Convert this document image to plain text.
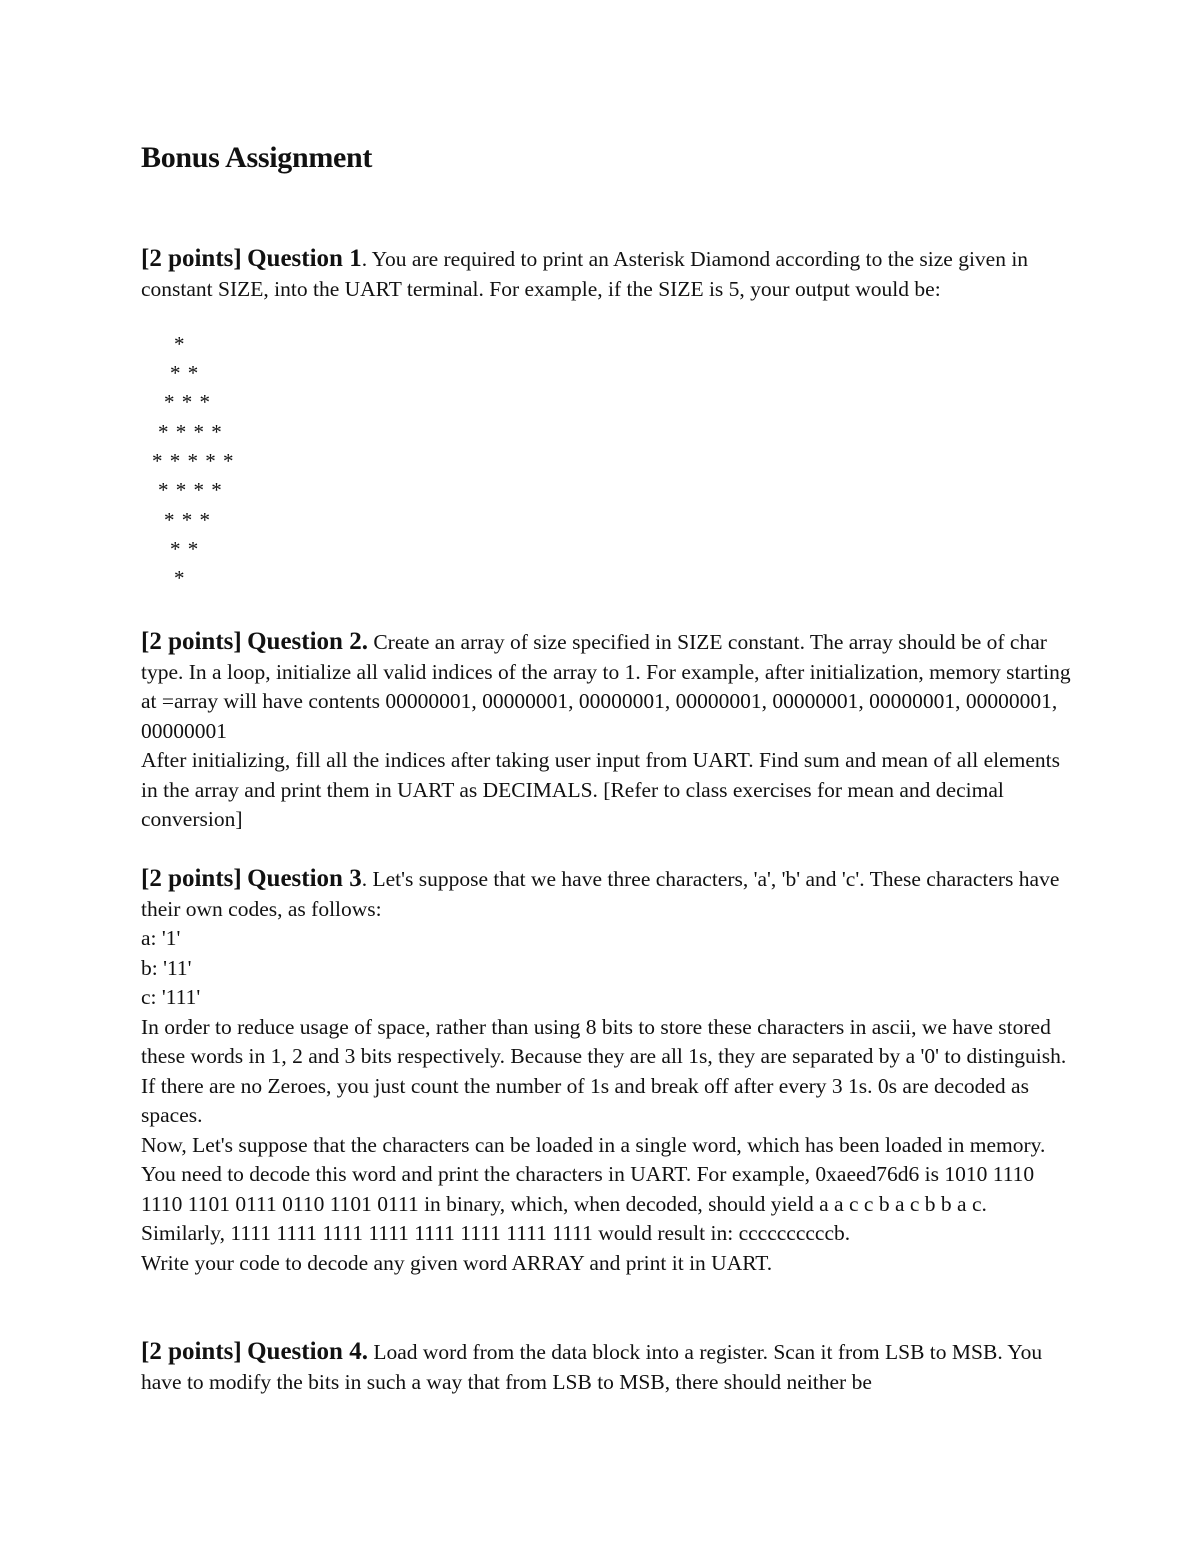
Bonus Assignment

[2 points] Question 1. You are required to print an Asterisk Diamond according to the size given in constant SIZE, into the UART terminal. For example, if the SIZE is 5, your output would be:

*
* *
* * *
* * * *
* * * * *
* * * *
* * *
* *
*

[2 points] Question 2. Create an array of size specified in SIZE constant. The array should be of char type. In a loop, initialize all valid indices of the array to 1. For example, after initialization, memory starting at =array will have contents 00000001, 00000001, 00000001, 00000001, 00000001, 00000001, 00000001, 00000001

After initializing, fill all the indices after taking user input from UART. Find sum and mean of all elements in the array and print them in UART as DECIMALS. [Refer to class exercises for mean and decimal conversion]

[2 points] Question 3. Let's suppose that we have three characters, 'a', 'b' and 'c'. These characters have their own codes, as follows:

a: '1'

b: '11'

c: '111'

In order to reduce usage of space, rather than using 8 bits to store these characters in ascii, we have stored these words in 1, 2 and 3 bits respectively. Because they are all 1s, they are separated by a '0' to distinguish. If there are no Zeroes, you just count the number of 1s and break off after every 3 1s. 0s are decoded as spaces.

Now, Let's suppose that the characters can be loaded in a single word, which has been loaded in memory. You need to decode this word and print the characters in UART. For example, 0xaeed76d6 is 1010 1110 1110 1101 0111 0110 1101 0111 in binary, which, when decoded, should yield a a c c b a c b b a c. Similarly, 1111 1111 1111 1111 1111 1111 1111 1111 would result in: ccccccccccb.

Write your code to decode any given word ARRAY and print it in UART.

[2 points] Question 4. Load word from the data block into a register. Scan it from LSB to MSB. You have to modify the bits in such a way that from LSB to MSB, there should neither be
